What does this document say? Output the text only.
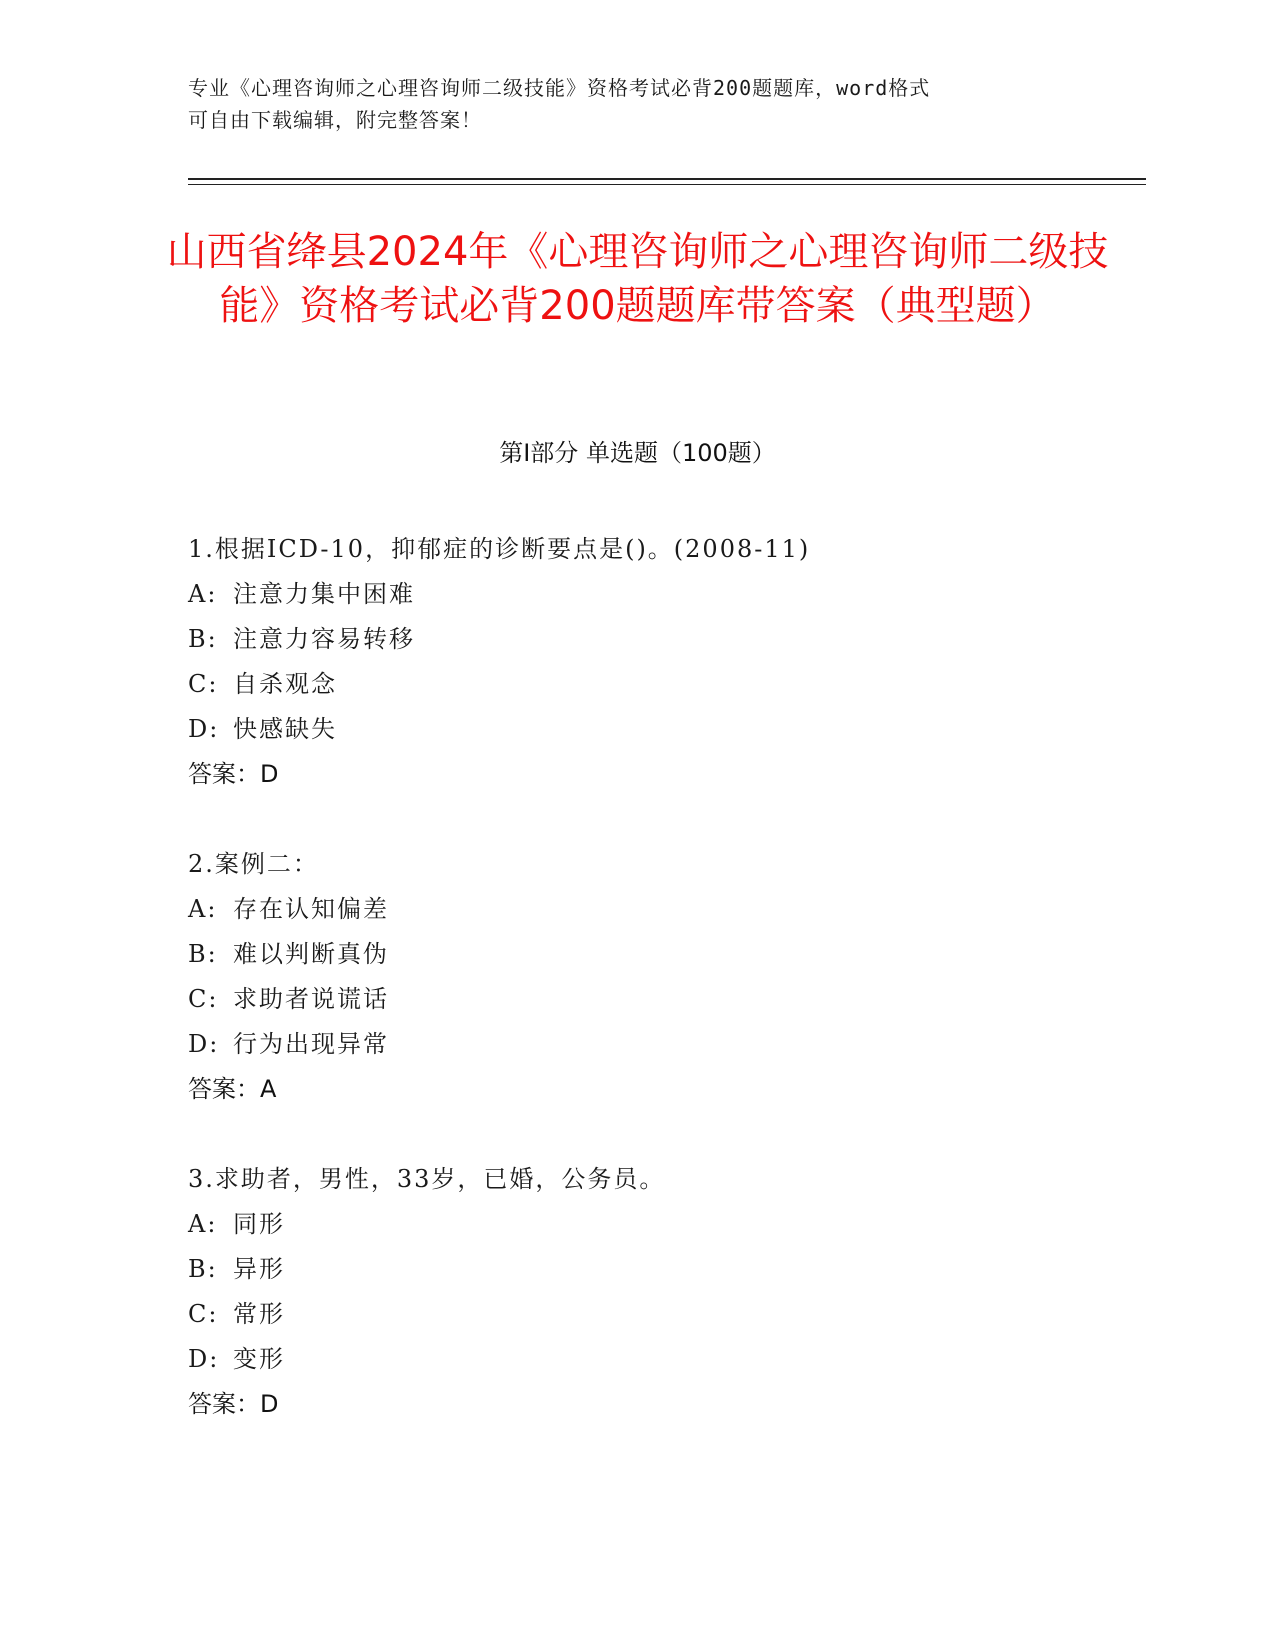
专业《心理咨询师之心理咨询师二级技能》资格考试必背200题题库，word格式
可自由下载编辑，附完整答案！
山西省绛县2024年《心理咨询师之心理咨询师二级技能》资格考试必背200题题库带答案（典型题）
第Ⅰ部分 单选题（100题）
1.根据ICD-10，抑郁症的诊断要点是()。(2008-11)
A: 注意力集中困难
B: 注意力容易转移
C: 自杀观念
D: 快感缺失
答案：D
2.案例二：
A: 存在认知偏差
B: 难以判断真伪
C: 求助者说谎话
D: 行为出现异常
答案：A
3.求助者，男性，33岁，已婚，公务员。
A: 同形
B: 异形
C: 常形
D: 变形
答案：D
